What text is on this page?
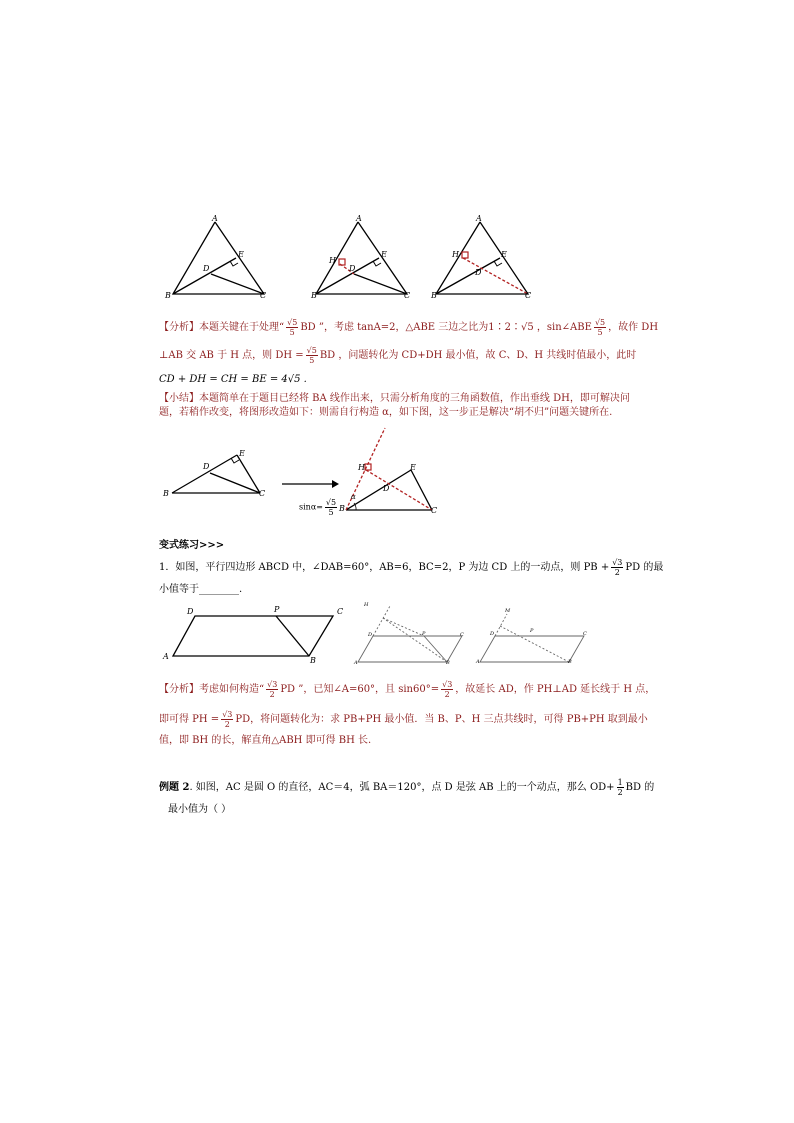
A
B	C
D
E
A
B	C
D
E
H
A
B	C
D
E
H
【分析】本题关键在于处理“ $\frac{√5}{5}$ BD ”，考虑 tanA=2，△ABE 三边之比为1∶2∶√5 ，sin∠ABE $\frac{√5}{5}$ ，故作 DH
⊥AB 交 AB 于 H 点，则 DH = $\frac{√5}{5}$ BD ，问题转化为 CD+DH 最小值，故 C、D、H 共线时值最小，此时
CD + DH = CH = BE = 4√5 .
【小结】本题简单在于题目已经将 BA 线作出来，只需分析角度的三角函数值，作出垂线 DH，即可解决问
题，若稍作改变，将图形改造如下：则需自行构造 α，如下图，这一步正是解决“胡不归”问题关键所在.
B	C
D
E
$\sin\alpha= \frac{√5}{5}$ B	C
D
E
H
α
变式练习>>>
1．如图，平行四边形 ABCD 中，∠DAB=60°，AB=6，BC=2，P 为边 CD 上的一动点，则 PB + $\frac{√3}{2}$ PD 的最
小值等于________.
A	B
C
D	P
A	B
C
D	P
H
A	B
C
D	P
M
【分析】考虑如何构造“ $\frac{√3}{2}$ PD ”，已知∠A=60°，且 $\sin 60^\circ= \frac{√3}{2}$ ，故延长 AD，作 PH⊥AD 延长线于 H 点，
即可得 PH = $\frac{√3}{2}$ PD，将问题转化为：求 PB+PH 最小值．当 B、P、H 三点共线时，可得 PB+PH 取到最小
值，即 BH 的长，解直角△ABH 即可得 BH 长.
例题 2. 如图，AC 是圆 O 的直径，AC＝4，弧 BA＝120°，点 D 是弦 AB 上的一个动点，那么 $OD+ \frac{1}{2}$ BD 的
最小值为（ ）
